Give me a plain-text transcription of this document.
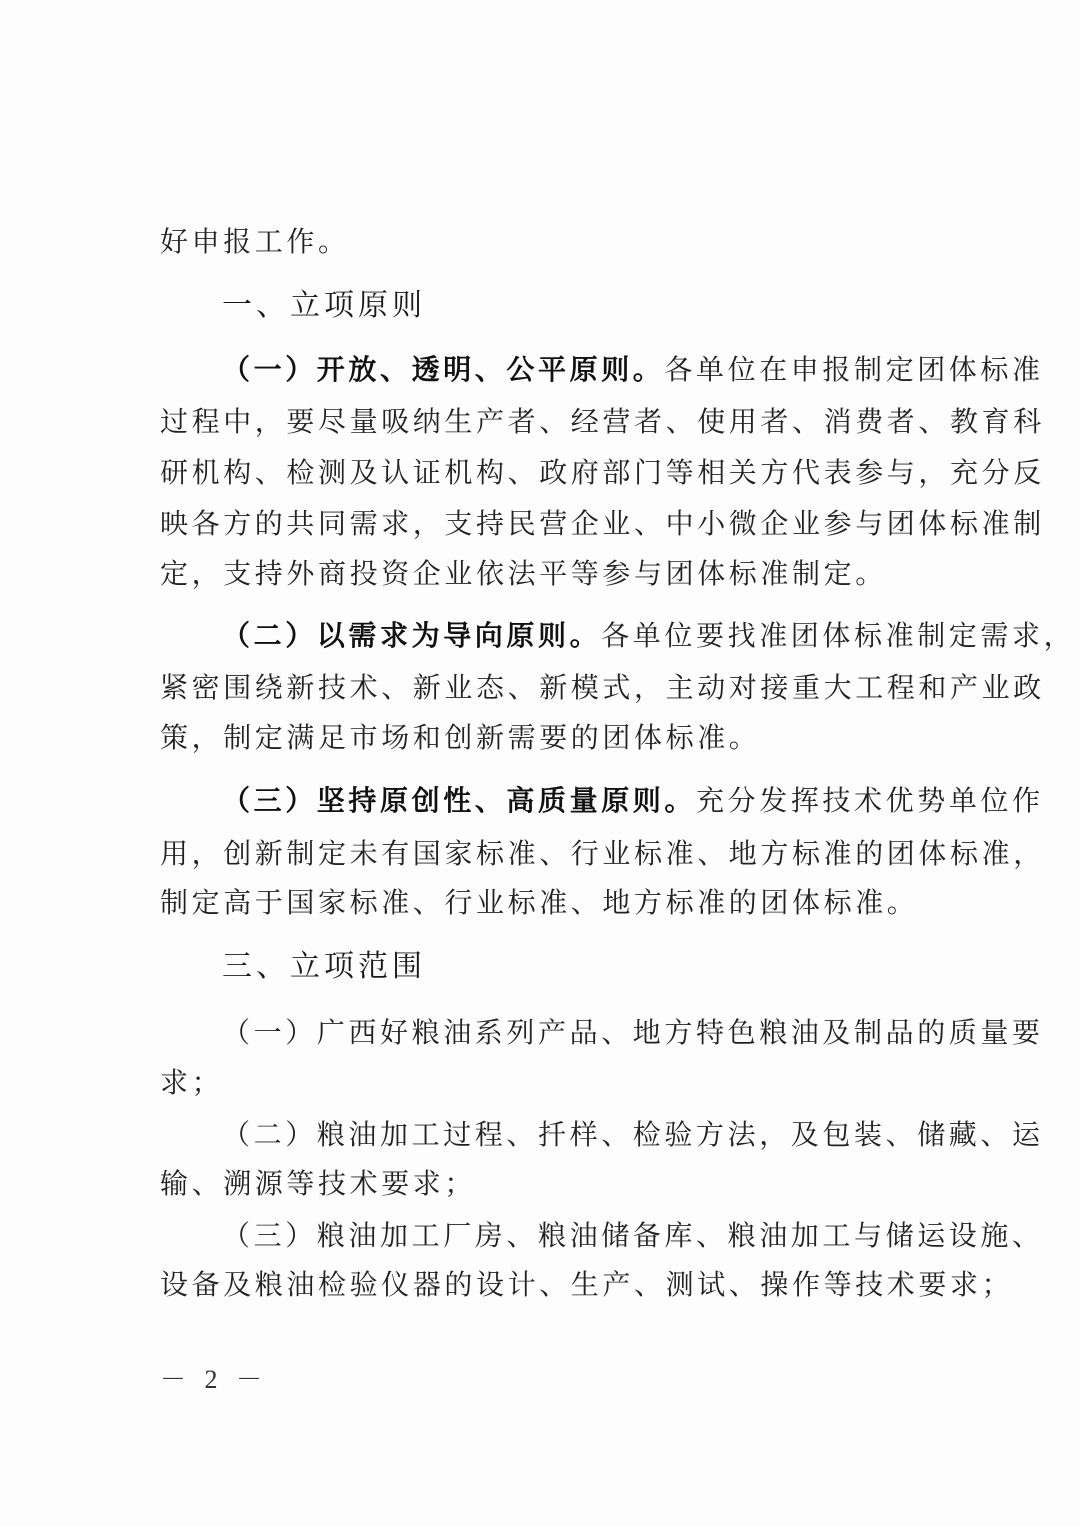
好申报工作。
一、立项原则
（一）开放、透明、公平原则。各单位在申报制定团体标准
过程中，要尽量吸纳生产者、经营者、使用者、消费者、教育科
研机构、检测及认证机构、政府部门等相关方代表参与，充分反
映各方的共同需求，支持民营企业、中小微企业参与团体标准制
定，支持外商投资企业依法平等参与团体标准制定。
（二）以需求为导向原则。各单位要找准团体标准制定需求，
紧密围绕新技术、新业态、新模式，主动对接重大工程和产业政
策，制定满足市场和创新需要的团体标准。
（三）坚持原创性、高质量原则。充分发挥技术优势单位作
用，创新制定未有国家标准、行业标准、地方标准的团体标准，
制定高于国家标准、行业标准、地方标准的团体标准。
三、立项范围
（一）广西好粮油系列产品、地方特色粮油及制品的质量要
求；
（二）粮油加工过程、扦样、检验方法，及包装、储藏、运
输、溯源等技术要求；
（三）粮油加工厂房、粮油储备库、粮油加工与储运设施、
设备及粮油检验仪器的设计、生产、测试、操作等技术要求；
－ 2 －
